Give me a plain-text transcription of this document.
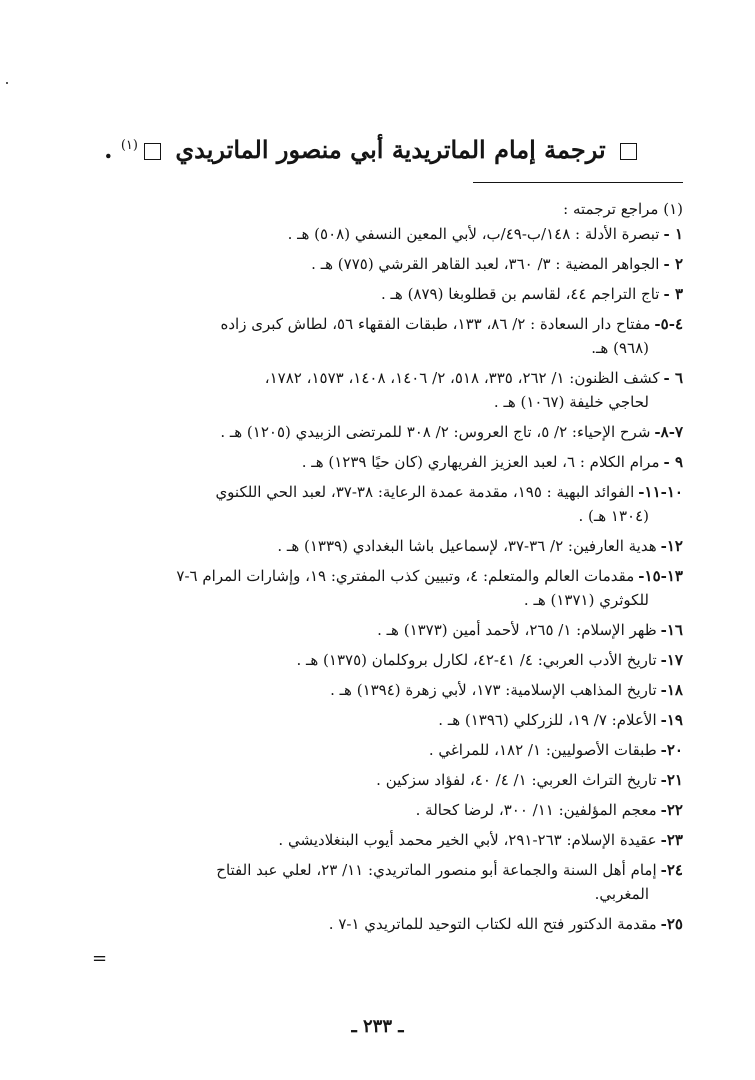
ترجمة إمام الماتريدية أبي منصور الماتريدي $^{(١)}$ .
(١) مراجع ترجمته :
١ -تبصرة الأدلة : ١٤٨/ب-٤٩/ب، لأبي المعين النسفي (٥٠٨) هـ .
٢ -الجواهر المضية : ٣/ ٣٦٠، لعبد القاهر القرشي (٧٧٥) هـ .
٣ -تاج التراجم ٤٤، لقاسم بن قطلوبغا (٨٧٩) هـ .
٤-٥-مفتاح دار السعادة : ٢/ ٨٦، ١٣٣، طبقات الفقهاء ٥٦، لطاش كبرى زاده
(٩٦٨) هـ.
٦ -كشف الظنون: ١/ ٢٦٢، ٣٣٥، ٥١٨، ٢/ ١٤٠٦، ١٤٠٨، ١٥٧٣، ١٧٨٢،
لحاجي خليفة (١٠٦٧) هـ .
٧-٨-شرح الإحياء: ٢/ ٥، تاج العروس: ٢/ ٣٠٨ للمرتضى الزبيدي (١٢٠٥) هـ .
٩ -مرام الكلام : ٦، لعبد العزيز الفريهاري (كان حيًا ١٢٣٩) هـ .
١٠-١١-الفوائد البهية : ١٩٥، مقدمة عمدة الرعاية: ٣٨-٣٧، لعبد الحي اللكنوي
(١٣٠٤ هـ) .
١٢-هدية العارفين: ٢/ ٣٦-٣٧، لإسماعيل باشا البغدادي (١٣٣٩) هـ .
١٣-١٥-مقدمات العالم والمتعلم: ٤، وتبيين كذب المفتري: ١٩، وإشارات المرام ٦-٧
للكوثري (١٣٧١) هـ .
١٦-ظهر الإسلام: ١/ ٢٦٥، لأحمد أمين (١٣٧٣) هـ .
١٧-تاريخ الأدب العربي: ٤/ ٤١-٤٢، لكارل بروكلمان (١٣٧٥) هـ .
١٨-تاريخ المذاهب الإسلامية: ١٧٣، لأبي زهرة (١٣٩٤) هـ .
١٩-الأعلام: ٧/ ١٩، للزركلي (١٣٩٦) هـ .
٢٠-طبقات الأصوليين: ١/ ١٨٢، للمراغي .
٢١-تاريخ التراث العربي: ١/ ٤/ ٤٠، لفؤاد سزكين .
٢٢-معجم المؤلفين: ١١/ ٣٠٠، لرضا كحالة .
٢٣-عقيدة الإسلام: ٢٦٣-٢٩١، لأبي الخير محمد أيوب البنغلاديشي .
٢٤-إمام أهل السنة والجماعة أبو منصور الماتريدي: ١١/ ٢٣، لعلي عبد الفتاح
المغربي.
٢٥-مقدمة الدكتور فتح الله لكتاب التوحيد للماتريدي ١-٧ .
=
ـ ٢٣٣ ـ
